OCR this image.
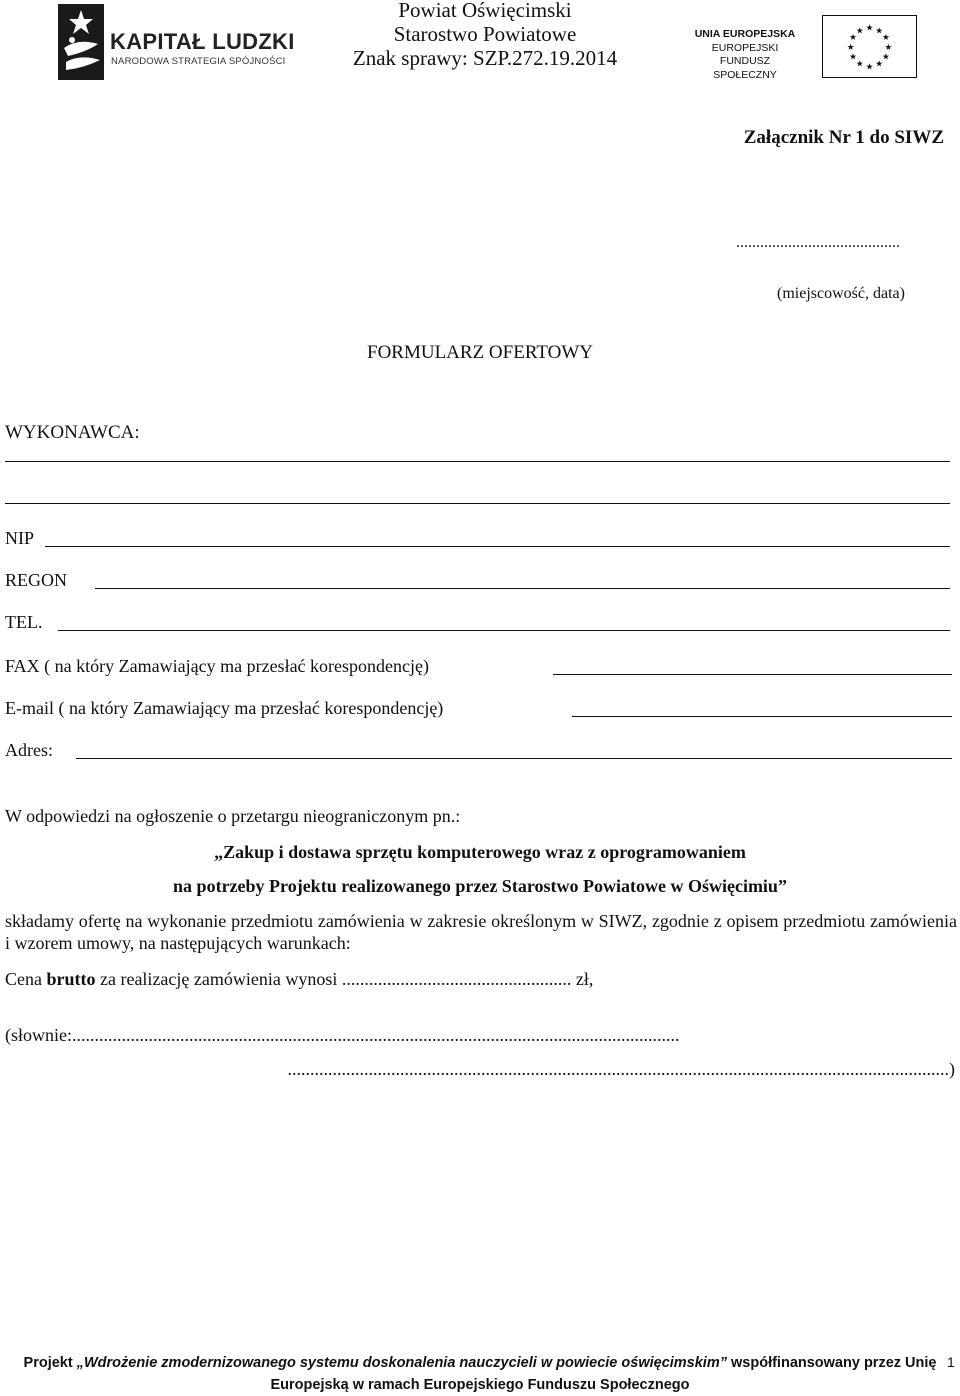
KAPITAŁ LUDZKI
NARODOWA STRATEGIA SPÓJNOŚCI
Powiat Oświęcimski
Starostwo Powiatowe
Znak sprawy: SZP.272.19.2014
UNIA EUROPEJSKA
EUROPEJSKI
FUNDUSZ SPOŁECZNY
★ ★
★
★
★
★
★
★
★
★
★
★
Załącznik Nr 1 do SIWZ
.........................................
(miejscowość, data)
FORMULARZ OFERTOWY
WYKONAWCA:
NIP
REGON
TEL.
FAX ( na który Zamawiający ma przesłać korespondencję)
E-mail ( na który Zamawiający ma przesłać korespondencję)
Adres:
W odpowiedzi na ogłoszenie o przetargu nieograniczonym pn.:
„Zakup i dostawa sprzętu komputerowego wraz z oprogramowaniem
na potrzeby Projektu realizowanego przez Starostwo Powiatowe w Oświęcimiu”
składamy ofertę na wykonanie przedmiotu zamówienia w zakresie określonym w SIWZ, zgodnie z opisem przedmiotu zamówienia i wzorem umowy, na następujących warunkach:
Cena brutto za realizację zamówienia wynosi ................................................... zł,
(słownie:.......................................................................................................................................
...................................................................................................................................................)
Projekt „Wdrożenie zmodernizowanego systemu doskonalenia nauczycieli w powiecie oświęcimskim” współfinansowany przez Unię
Europejską w ramach Europejskiego Funduszu Społecznego
1
